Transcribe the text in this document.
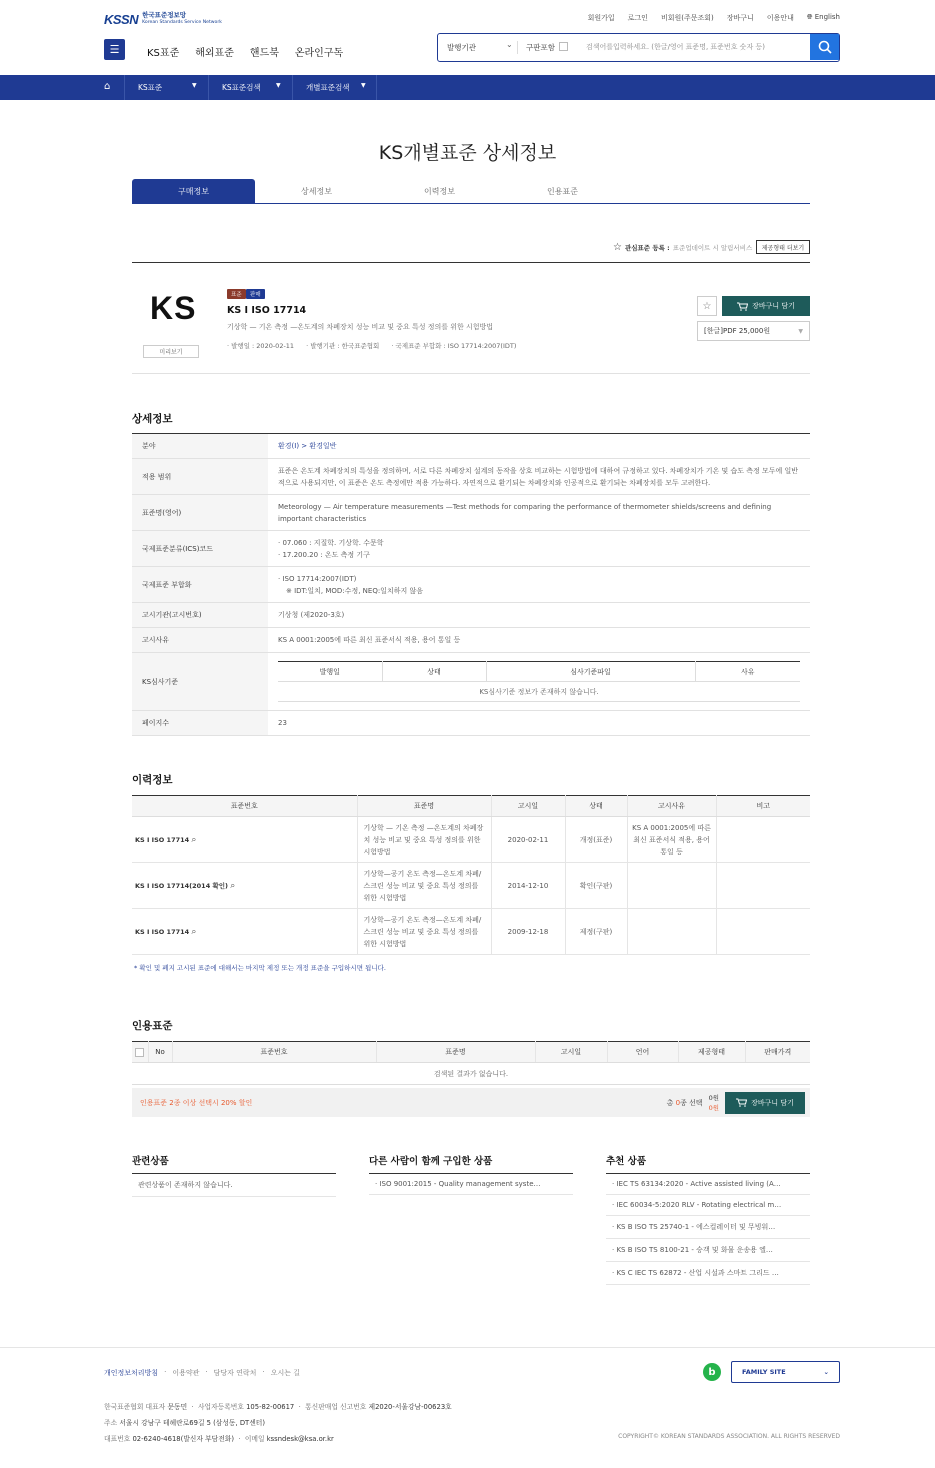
KSSN 한국표준정보망
Korean Standards Service Network
회원가입 로그인 비회원(주문조회) 장바구니 이용안내 🌐︎ English
☰	KS표준 해외표준 핸드북 온라인구독
발행기관	⌄ 구판포함	검색어를입력하세요. (한글/영어 표준명, 표준번호 숫자 등)
⌂	KS표준	▼	KS표준검색	▼	개별표준검색 ▼
KS개별표준 상세정보
구매정보	상세정보	이력정보	인용표준
☆ 관심표준 등록 : 표준업데이트 시 알림서비스	제공형태 더보기
KS
미리보기
표준	판매
KS I ISO 17714
기상학 — 기온 측정 —온도계의 차폐장치 성능 비교 및 중요 특성 정의를 위한 시험방법
· 발행일 : 2020-02-11 · 발행기관 : 한국표준협회 · 국제표준 부합화 : ISO 17714:2007(IDT)
☆	장바구니 담기
[한글]PDF 25,000원	▼
상세정보
분야	환경(I) > 환경일반
적용 범위	표준은 온도계 차폐장치의 특성을 정의하며, 서로 다른 차폐장치 설계의 동작을 상호 비교하는 시험방법에 대하여 규정하고 있다. 차폐장치가 기온 및 습도 측정 모두에 일반적으로 사용되지만, 이 표준은 온도 측정에만 적용 가능하다. 자연적으로 환기되는 차폐장치와 인공적으로 환기되는 차폐장치를 모두 고려한다.
표준명(영어)	Meteorology — Air temperature measurements —Test methods for comparing the performance of thermometer shields/screens and defining important characteristics
국제표준분류(ICS)코드	
· 07.060 : 지질학. 기상학. 수문학
· 17.200.20 : 온도 측정 기구

국제표준 부합화	
· ISO 17714:2007(IDT)
※ IDT:일치, MOD:수정, NEQ:일치하지 않음

고시기관(고시번호)	기상청 (제2020-3호)
고시사유	KS A 0001:2005에 따른 최신 표준서식 적용, 용어 통일 등
KS심사기준	
발행일	상태	심사기준파일	사유
KS심사기준 정보가 존재하지 않습니다.

페이지수	23
이력정보
표준번호	표준명	고시일	상태	고시사유	비고
KS I ISO 17714 ⌕	기상학 — 기온 측정 —온도계의 차폐장치 성능 비교 및 중요 특성 정의를 위한 시험방법	2020-02-11	개정(표준)	KS A 0001:2005에 따른 최신 표준서식 적용, 용어 통일 등	
KS I ISO 17714(2014 확인) ⌕	기상학—공기 온도 측정—온도계 차폐/스크린 성능 비교 및 중요 특성 정의를 위한 시험방법	2014-12-10	확인(구판)		
KS I ISO 17714 ⌕	기상학—공기 온도 측정—온도계 차폐/스크린 성능 비교 및 중요 특성 정의를 위한 시험방법	2009-12-18	제정(구판)		
* 확인 및 폐지 고시된 표준에 대해서는 마지막 제정 또는 개정 표준을 구입하시면 됩니다.
인용표준
	No	표준번호	표준명	고시일	언어	제공형태	판매가격
검색된 결과가 없습니다.
인용표준 2종 이상 선택시 20% 할인	총 0종 선택
0원
0원
장바구니 담기
관련상품
관련상품이 존재하지 않습니다.
다른 사람이 함께 구입한 상품
· ISO 9001:2015 - Quality management syste…
추천 상품
· IEC TS 63134:2020 - Active assisted living (A…
· IEC 60034-5:2020 RLV - Rotating electrical m…
· KS B ISO TS 25740-1 - 에스컬레이터 및 무빙워…
· KS B ISO TS 8100-21 - 승객 및 화물 운송용 엘…
· KS C IEC TS 62872 - 산업 시설과 스마트 그리드 …
개인정보처리방침 · 이용약관 · 담당자 연락처 · 오시는 길	b	FAMILY SITE	⌄
한국표준협회 대표자 문동민  ·  사업자등록번호 105-82-00617  ·  통신판매업 신고번호 제2020-서울강남-00623호
주소 서울시 강남구 테헤란로69길 5 (삼성동, DT센터)
대표번호 02-6240-4618(발신자 부담전화)  ·  이메일 kssndesk@ksa.or.kr	COPYRIGHT© KOREAN STANDARDS ASSOCIATION. ALL RIGHTS RESERVED
